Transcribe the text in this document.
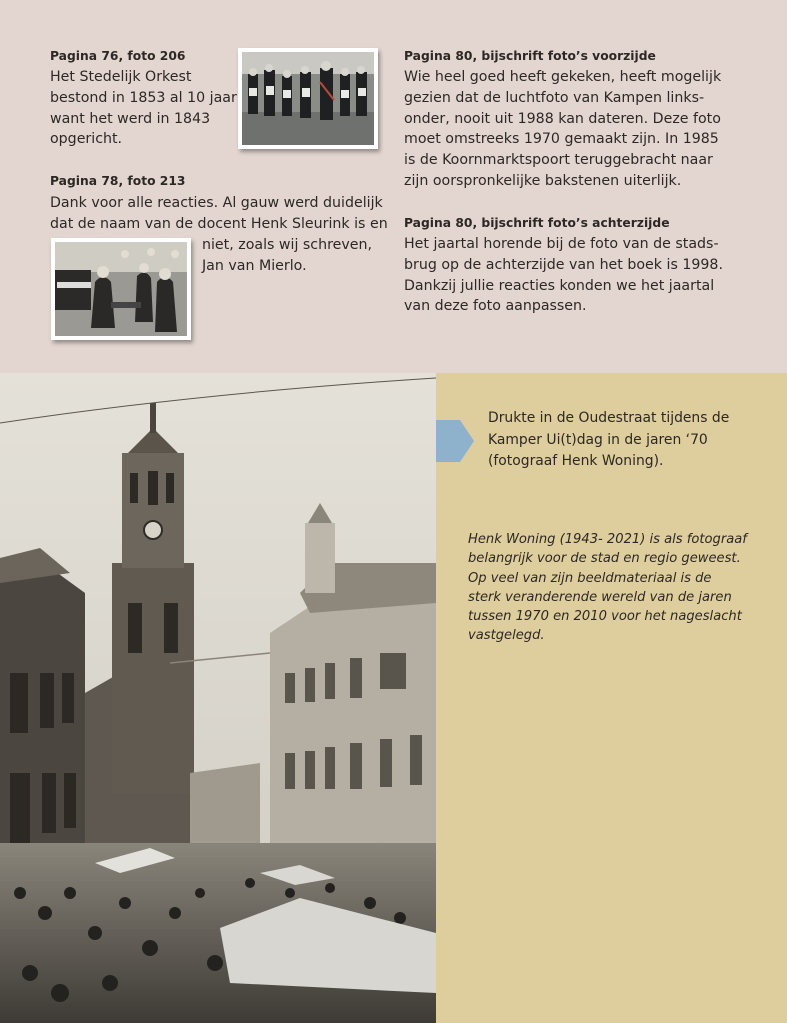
Pagina 76, foto 206
Het Stedelijk Orkest
bestond in 1853 al 10 jaar
want het werd in 1843
opgericht.
Pagina 78, foto 213
Dank voor alle reacties. Al gauw werd duidelijk
dat de naam van de docent Henk Sleurink is en
niet, zoals wij schreven,
Jan van Mierlo.
Pagina 80, bijschrift foto’s voorzijde
Wie heel goed heeft gekeken, heeft mogelijk
gezien dat de luchtfoto van Kampen links-
onder, nooit uit 1988 kan dateren. Deze foto
moet omstreeks 1970 gemaakt zijn. In 1985
is de Koornmarktspoort teruggebracht naar
zijn oorspronkelijke bakstenen uiterlijk.
Pagina 80, bijschrift foto’s achterzijde
Het jaartal horende bij de foto van de stads-
brug op de achterzijde van het boek is 1998.
Dankzij jullie reacties konden we het jaartal
van deze foto aanpassen.
Drukte in de Oudestraat tijdens de
Kamper Ui(t)dag in de jaren ‘70
(fotograaf Henk Woning).
Henk Woning (1943- 2021) is als fotograaf
belangrijk voor de stad en regio geweest.
Op veel van zijn beeldmateriaal is de
sterk veranderende wereld van de jaren
tussen 1970 en 2010 voor het nageslacht
vastgelegd.
